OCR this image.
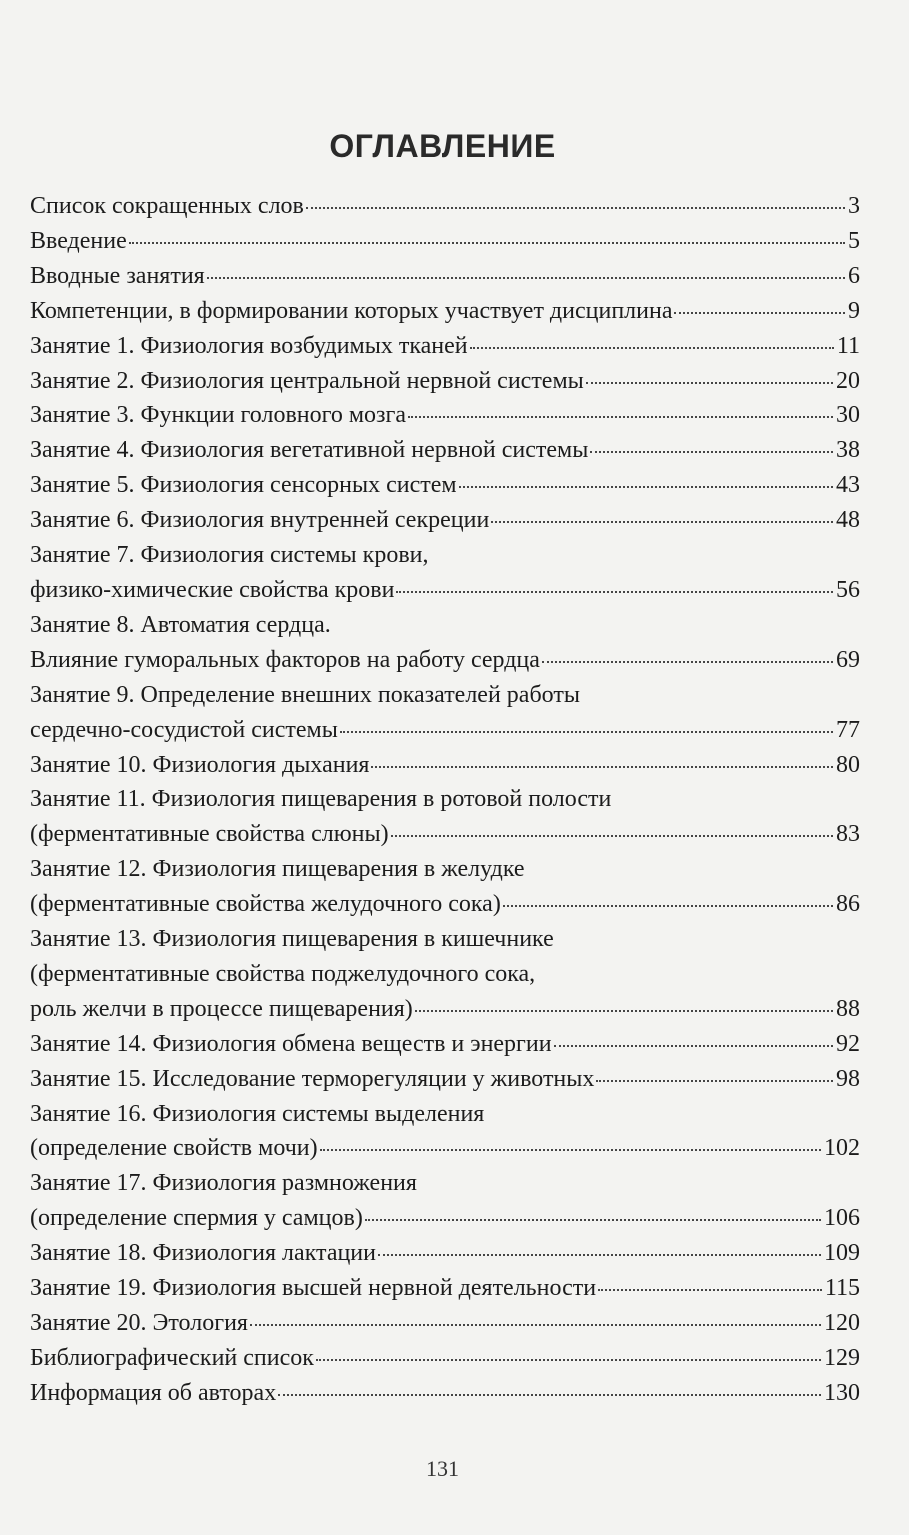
ОГЛАВЛЕНИЕ
Список сокращенных слов	3
Введение	5
Вводные занятия	6
Компетенции, в формировании которых участвует дисциплина	9
Занятие 1. Физиология возбудимых тканей	11
Занятие 2. Физиология центральной нервной системы	20
Занятие 3. Функции головного мозга	30
Занятие 4. Физиология вегетативной нервной системы	38
Занятие 5. Физиология сенсорных систем	43
Занятие 6. Физиология внутренней секреции	48
Занятие 7. Физиология системы крови,
физико-химические свойства крови	56
Занятие 8. Автоматия сердца.
Влияние гуморальных факторов на работу сердца	69
Занятие 9. Определение внешних показателей работы
сердечно-сосудистой системы	77
Занятие 10. Физиология дыхания	80
Занятие 11. Физиология пищеварения в ротовой полости
(ферментативные свойства слюны)	83
Занятие 12. Физиология пищеварения в желудке
(ферментативные свойства желудочного сока)	86
Занятие 13. Физиология пищеварения в кишечнике
(ферментативные свойства поджелудочного сока,
роль желчи в процессе пищеварения)	88
Занятие 14. Физиология обмена веществ и энергии	92
Занятие 15. Исследование терморегуляции у животных	98
Занятие 16. Физиология системы выделения
(определение свойств мочи)	102
Занятие 17. Физиология размножения
(определение спермия у самцов)	106
Занятие 18. Физиология лактации	109
Занятие 19. Физиология высшей нервной деятельности	115
Занятие 20. Этология	120
Библиографический список	129
Информация об авторах	130
131
